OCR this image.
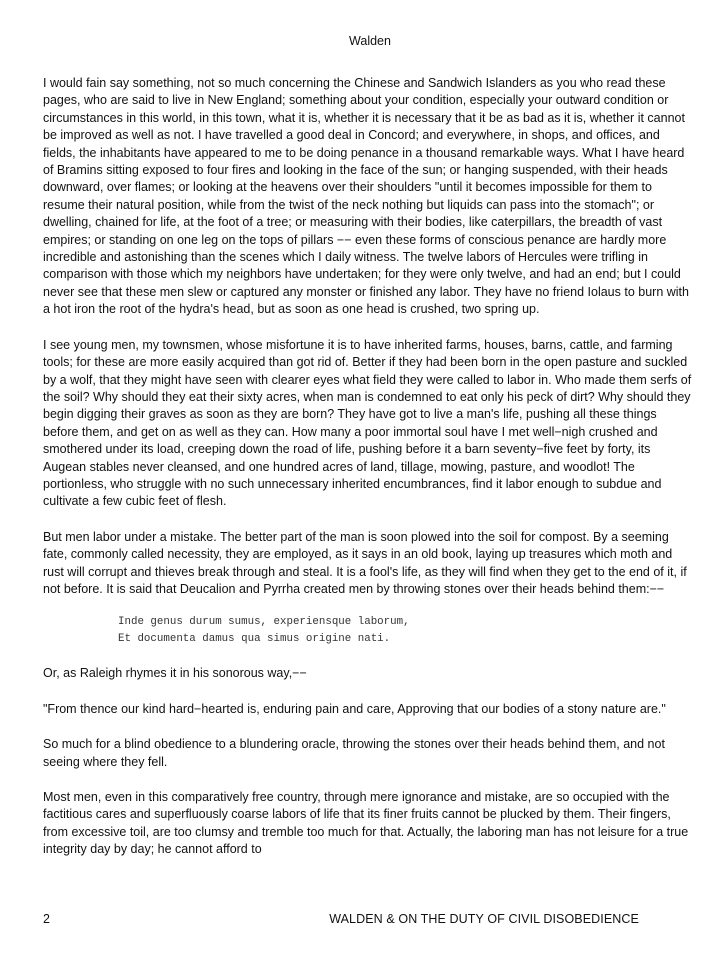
Walden

I would fain say something, not so much concerning the Chinese and Sandwich Islanders as you who read these pages, who are said to live in New England; something about your condition, especially your outward condition or circumstances in this world, in this town, what it is, whether it is necessary that it be as bad as it is, whether it cannot be improved as well as not. I have travelled a good deal in Concord; and everywhere, in shops, and offices, and fields, the inhabitants have appeared to me to be doing penance in a thousand remarkable ways. What I have heard of Bramins sitting exposed to four fires and looking in the face of the sun; or hanging suspended, with their heads downward, over flames; or looking at the heavens over their shoulders "until it becomes impossible for them to resume their natural position, while from the twist of the neck nothing but liquids can pass into the stomach"; or dwelling, chained for life, at the foot of a tree; or measuring with their bodies, like caterpillars, the breadth of vast empires; or standing on one leg on the tops of pillars −− even these forms of conscious penance are hardly more incredible and astonishing than the scenes which I daily witness. The twelve labors of Hercules were trifling in comparison with those which my neighbors have undertaken; for they were only twelve, and had an end; but I could never see that these men slew or captured any monster or finished any labor. They have no friend Iolaus to burn with a hot iron the root of the hydra's head, but as soon as one head is crushed, two spring up.

I see young men, my townsmen, whose misfortune it is to have inherited farms, houses, barns, cattle, and farming tools; for these are more easily acquired than got rid of. Better if they had been born in the open pasture and suckled by a wolf, that they might have seen with clearer eyes what field they were called to labor in. Who made them serfs of the soil? Why should they eat their sixty acres, when man is condemned to eat only his peck of dirt? Why should they begin digging their graves as soon as they are born? They have got to live a man's life, pushing all these things before them, and get on as well as they can. How many a poor immortal soul have I met well−nigh crushed and smothered under its load, creeping down the road of life, pushing before it a barn seventy−five feet by forty, its Augean stables never cleansed, and one hundred acres of land, tillage, mowing, pasture, and woodlot! The portionless, who struggle with no such unnecessary inherited encumbrances, find it labor enough to subdue and cultivate a few cubic feet of flesh.

But men labor under a mistake. The better part of the man is soon plowed into the soil for compost. By a seeming fate, commonly called necessity, they are employed, as it says in an old book, laying up treasures which moth and rust will corrupt and thieves break through and steal. It is a fool's life, as they will find when they get to the end of it, if not before. It is said that Deucalion and Pyrrha created men by throwing stones over their heads behind them:−−

Inde genus durum sumus, experiensque laborum,
Et documenta damus qua simus origine nati.

Or, as Raleigh rhymes it in his sonorous way,−−

"From thence our kind hard−hearted is, enduring pain and care, Approving that our bodies of a stony nature are."

So much for a blind obedience to a blundering oracle, throwing the stones over their heads behind them, and not seeing where they fell.

Most men, even in this comparatively free country, through mere ignorance and mistake, are so occupied with the factitious cares and superfluously coarse labors of life that its finer fruits cannot be plucked by them. Their fingers, from excessive toil, are too clumsy and tremble too much for that. Actually, the laboring man has not leisure for a true integrity day by day; he cannot afford to

2	WALDEN & ON THE DUTY OF CIVIL DISOBEDIENCE
